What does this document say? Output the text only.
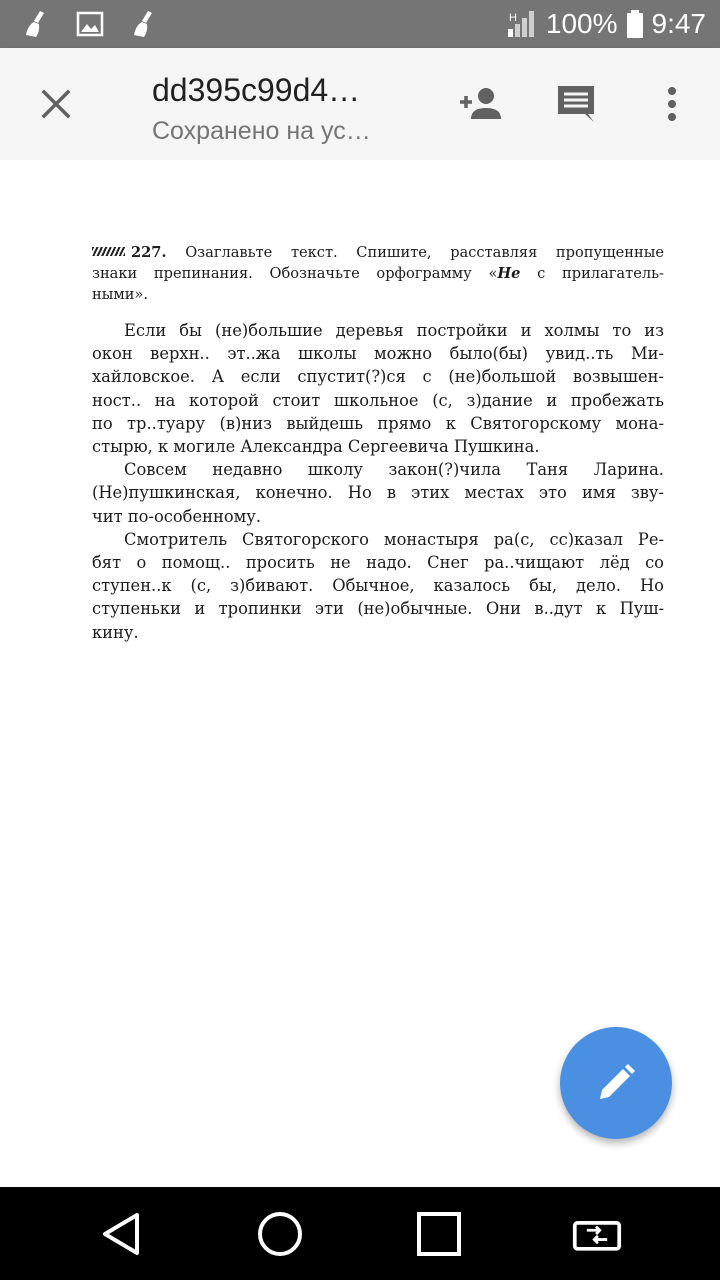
H 100% 9:47
dd395c99d4…
Сохранено на ус…

227. Озаглавьте текст. Спишите, расставляя пропущенные

знаки препинания. Обозначьте орфограмму «Не с прилагатель-

ными».

Если бы (не)большие деревья постройки и холмы то из

окон верхн.. эт..жа школы можно было(бы) увид..ть Ми-

хайловское. А если спустит(?)ся с (не)большой возвышен-

ност.. на которой стоит школьное (с, з)дание и пробежать

по тр..туару (в)низ выйдешь прямо к Святогорскому мона-

стырю, к могиле Александра Сергеевича Пушкина.

Совсем недавно школу закон(?)чила Таня Ларина.

(Не)пушкинская, конечно. Но в этих местах это имя зву-

чит по-особенному.

Смотритель Святогорского монастыря ра(с, сс)казал Ре-

бят о помощ.. просить не надо. Снег ра..чищают лёд со

ступен..к (с, з)бивают. Обычное, казалось бы, дело. Но

ступеньки и тропинки эти (не)обычные. Они в..дут к Пуш-

кину.
